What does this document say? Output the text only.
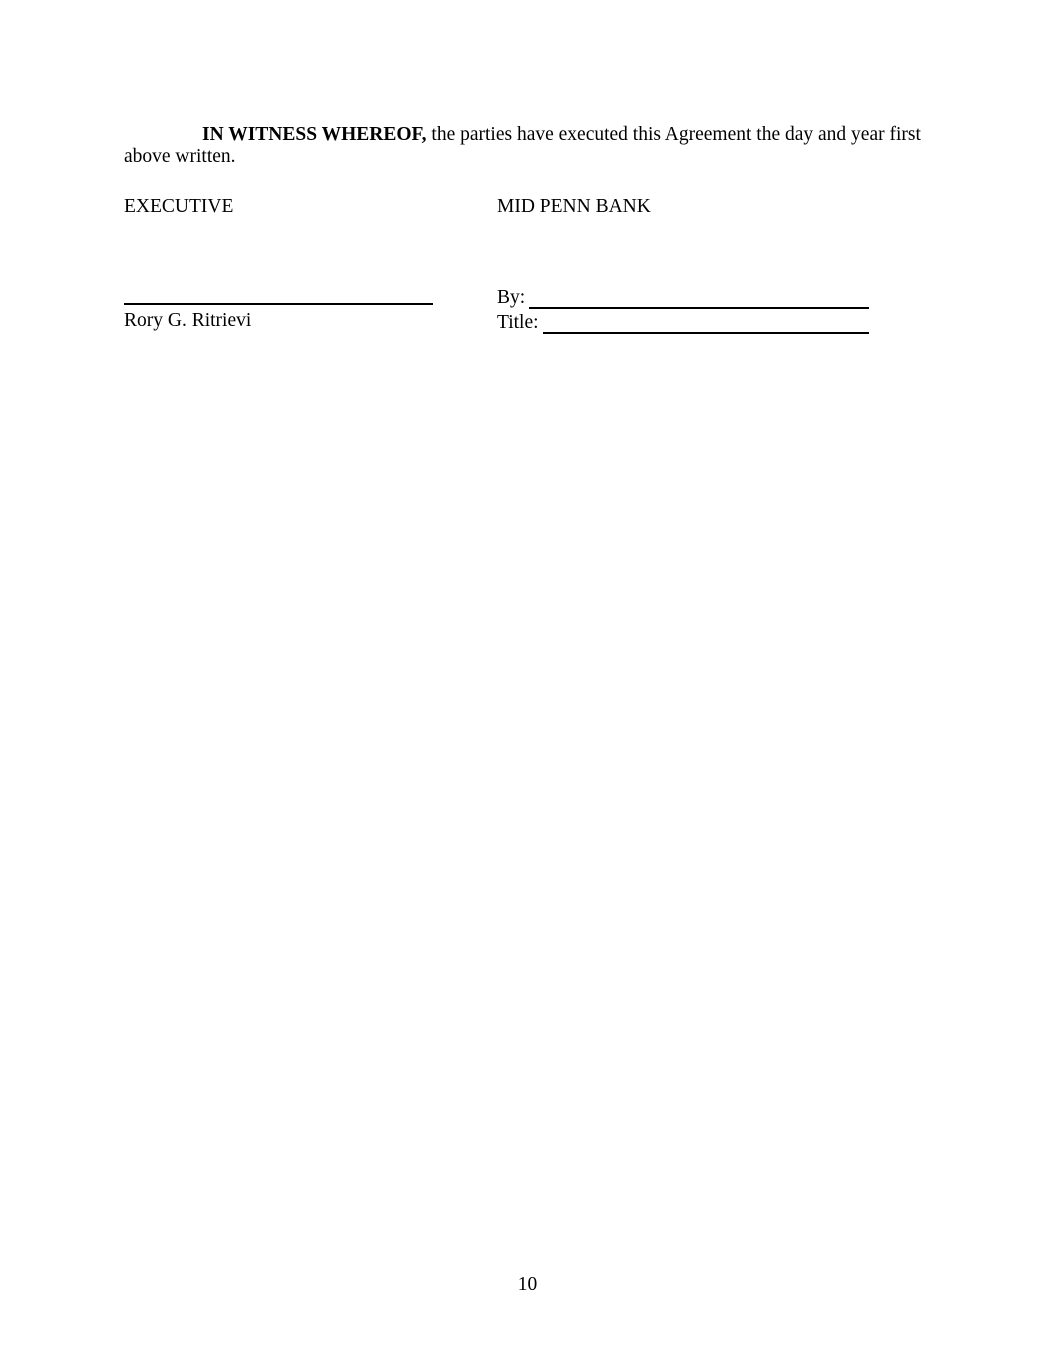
IN WITNESS WHEREOF, the parties have executed this Agreement the day and year first above written.

EXECUTIVE	MID PENN BANK
Rory G. Ritrievi
By:
Title:
10
